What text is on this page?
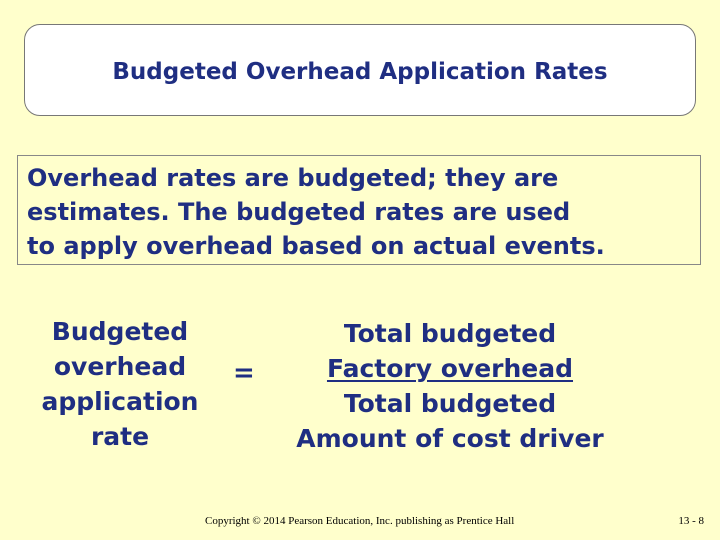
Budgeted Overhead Application Rates
Overhead rates are budgeted; they are
estimates. The budgeted rates are used
to apply overhead based on actual events.
Budgeted
overhead
application
rate
=
Total budgeted
Factory overhead
Total budgeted
Amount of cost driver
Copyright © 2014 Pearson Education, Inc. publishing as Prentice Hall	13 - 8
